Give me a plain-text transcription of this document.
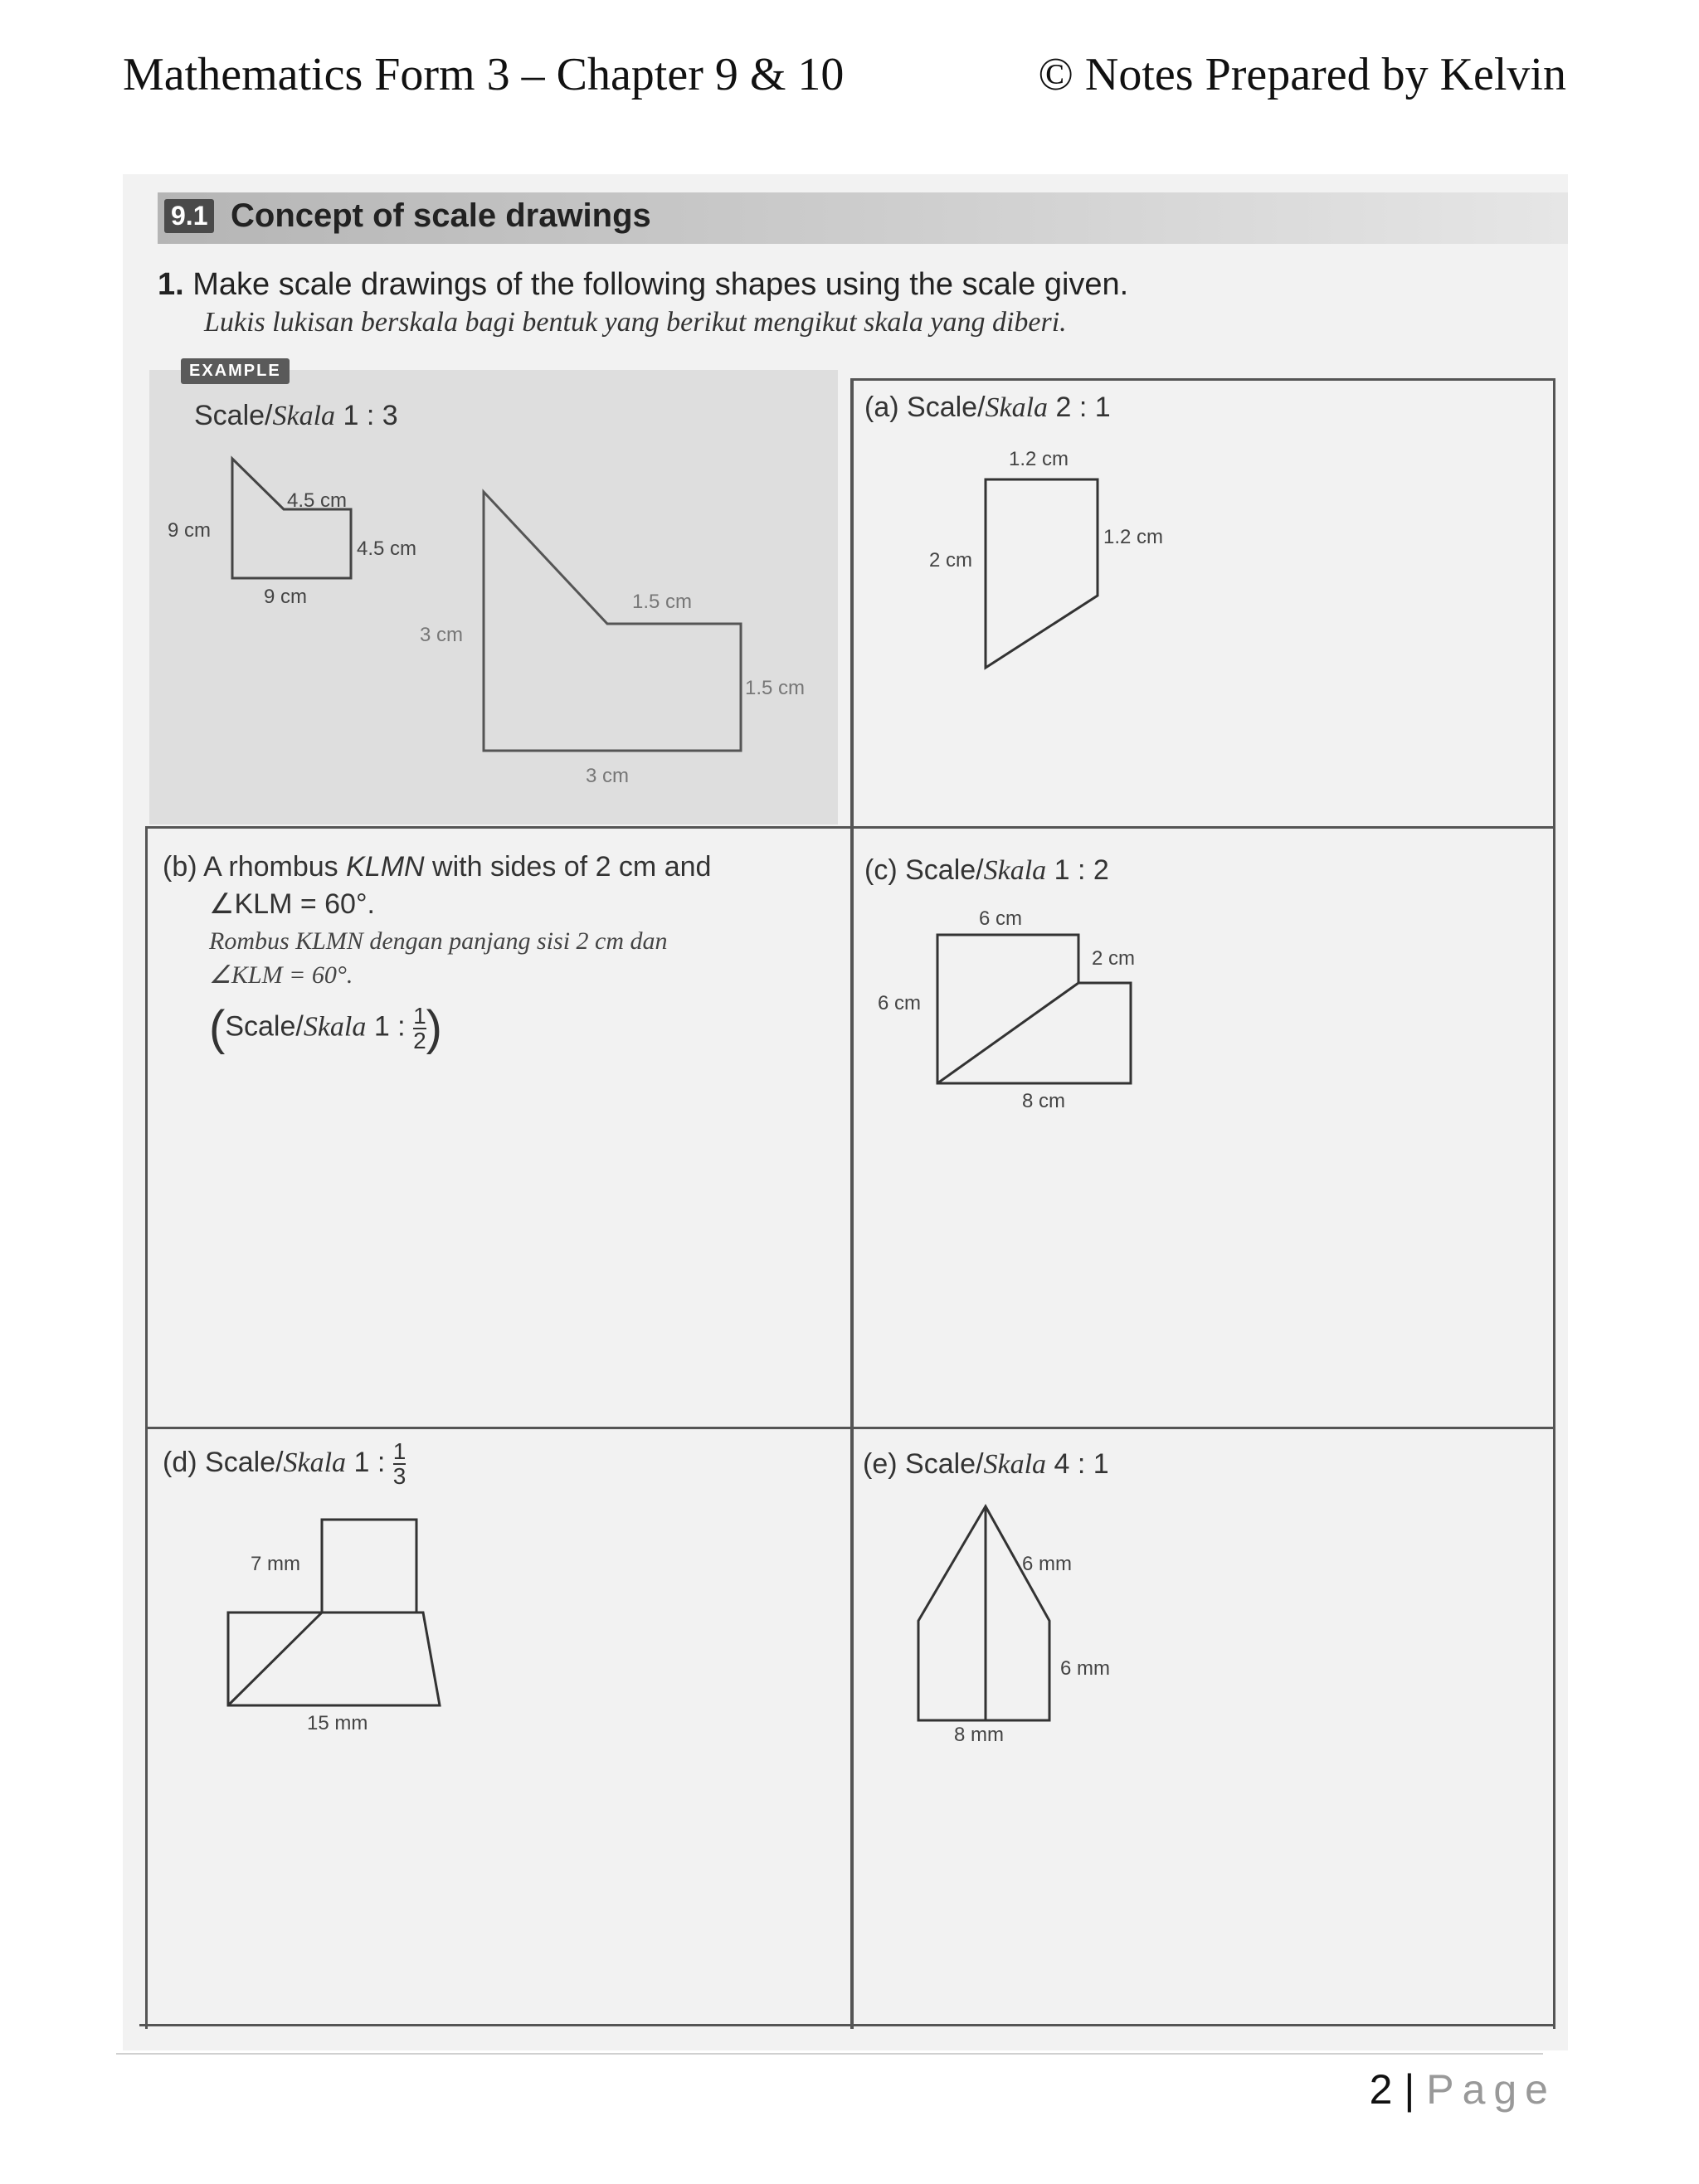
Mathematics Form 3 – Chapter 9 & 10	© Notes Prepared by Kelvin
9.1 Concept of scale drawings
1. Make scale drawings of the following shapes using the scale given.
Lukis lukisan berskala bagi bentuk yang berikut mengikut skala yang diberi.
EXAMPLE
Scale/Skala 1 : 3
4.5 cm
9 cm
4.5 cm
9 cm
3 cm
1.5 cm
1.5 cm
3 cm
(a) Scale/Skala 2 : 1
1.2 cm
2 cm
1.2 cm
(b) A rhombus KLMN with sides of 2 cm and
∠KLM = 60°.
Rombus KLMN dengan panjang sisi 2 cm dan
∠KLM = 60°.
(Scale/Skala 1 : $\frac{1}{2}$ )
(c) Scale/Skala 1 : 2
6 cm
6 cm
2 cm
8 cm
(d) Scale/Skala 1 : $\frac{1}{3}$
7 mm
15 mm
(e) Scale/Skala 4 : 1
6 mm
6 mm
8 mm
2 | Page
